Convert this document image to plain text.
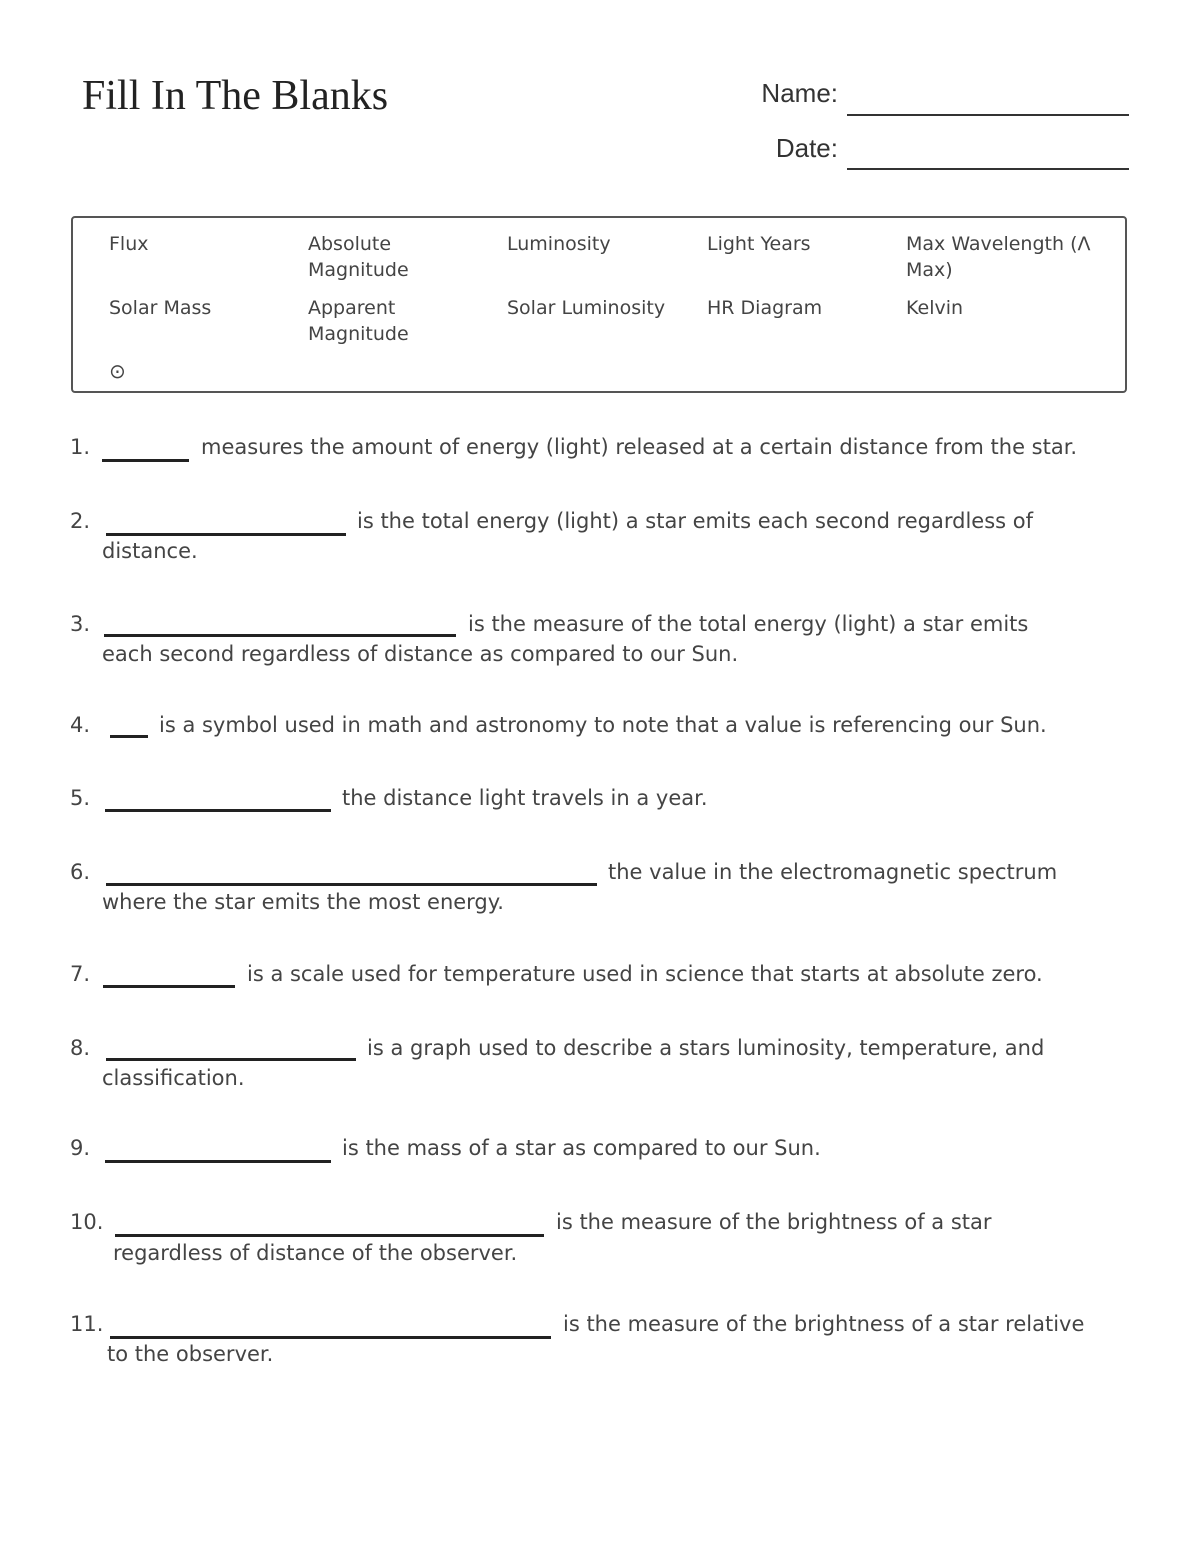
Fill In The Blanks	Name:
Date:
Flux	Absolute Magnitude
Luminosity	Light Years	Max Wavelength (Λ Max)
Solar Mass	Apparent Magnitude
Solar Luminosity	HR Diagram	Kelvin
⊙
1.	measures the amount of energy (light) released at a certain distance from the star.
2.	is the total energy (light) a star emits each second regardless of
distance.
3.	is the measure of the total energy (light) a star emits
each second regardless of distance as compared to our Sun.
4.	is a symbol used in math and astronomy to note that a value is referencing our Sun.
5.	the distance light travels in a year.
6.	the value in the electromagnetic spectrum
where the star emits the most energy.
7.	is a scale used for temperature used in science that starts at absolute zero.
8.	is a graph used to describe a stars luminosity, temperature, and
classification.
9.	is the mass of a star as compared to our Sun.
10.	is the measure of the brightness of a star
regardless of distance of the observer.
11.	is the measure of the brightness of a star relative
to the observer.
